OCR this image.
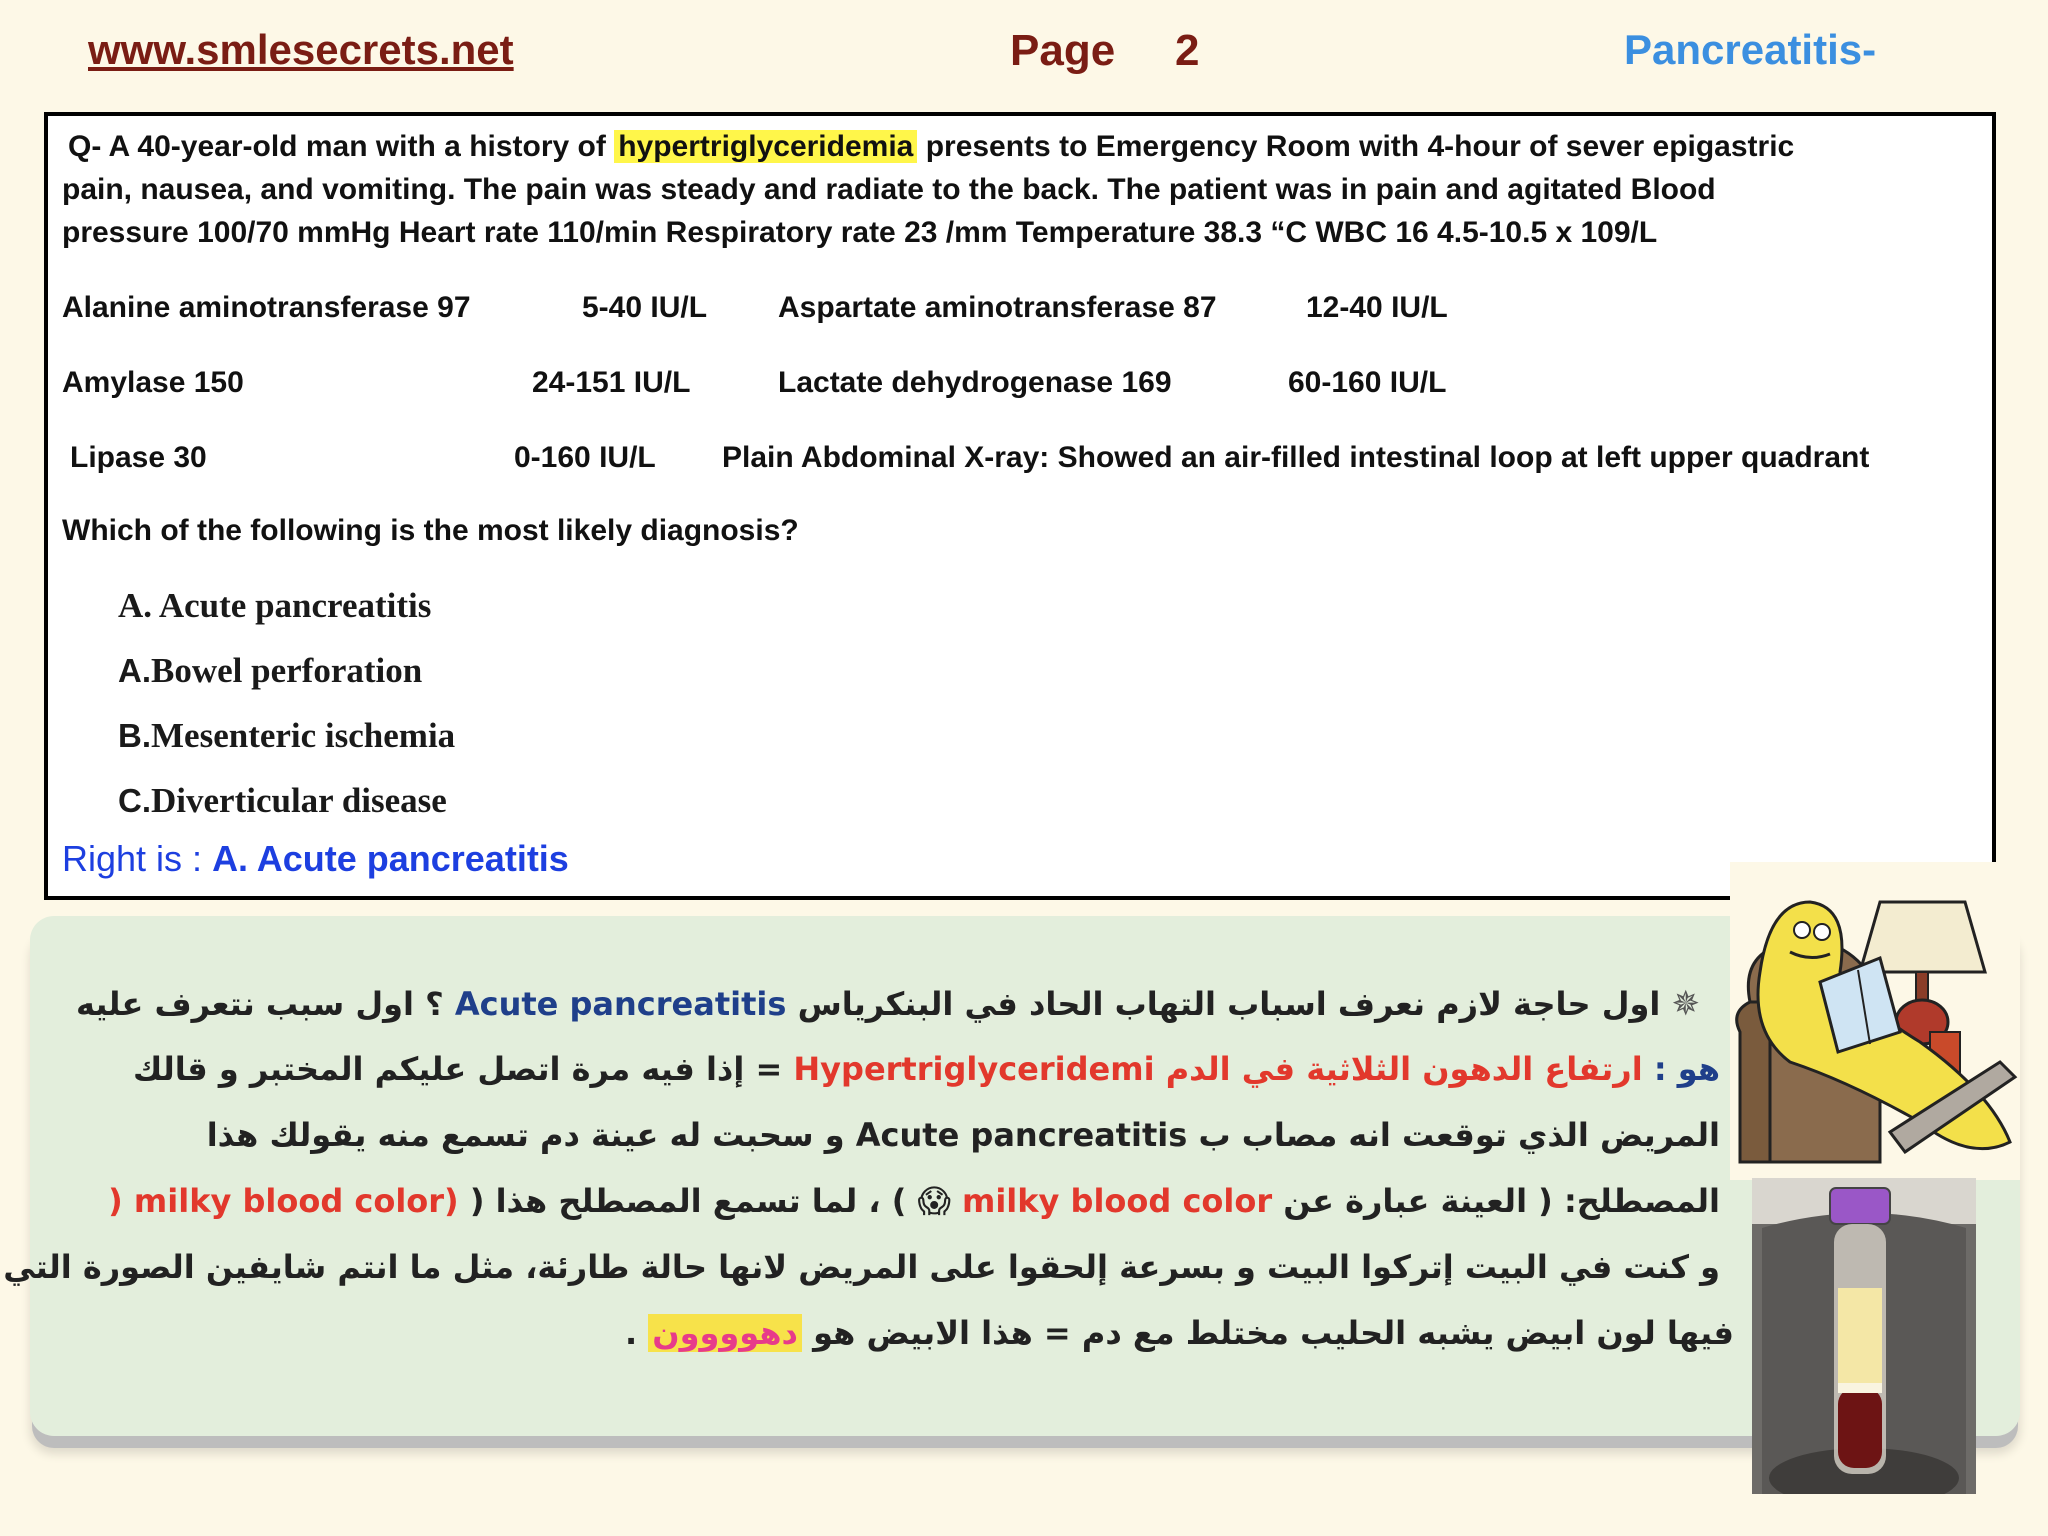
www.smlesecrets.net	Page 2	Pancreatitis-
Q- A 40-year-old man with a history of hypertriglyceridemia presents to Emergency Room with 4-hour of sever epigastric
pain, nausea, and vomiting. The pain was steady and radiate to the back. The patient was in pain and agitated Blood
pressure 100/70 mmHg Heart rate 110/min Respiratory rate 23 /mm Temperature 38.3 “C WBC 16 4.5-10.5 x 109/L
Alanine aminotransferase 97	5-40 IU/L Aspartate aminotransferase 87	12-40 IU/L
Amylase 150	24-151 IU/L	Lactate dehydrogenase 169	60-160 IU/L
Lipase 30	0-160 IU/L Plain Abdominal X-ray: Showed an air-filled intestinal loop at left upper quadrant
Which of the following is the most likely diagnosis?
A. Acute pancreatitis
A.Bowel perforation
B.Mesenteric ischemia
C.Diverticular disease
Right is : A. Acute pancreatitis
✵ اول حاجة لازم نعرف اسباب التهاب الحاد في البنكرياس Acute pancreatitis ؟ اول سبب نتعرف عليه
هو : ارتفاع الدهون الثلاثية في الدم Hypertriglyceridemi = إذا فيه مرة اتصل عليكم المختبر و قالك
المريض الذي توقعت انه مصاب ب Acute pancreatitis و سحبت له عينة دم تسمع منه يقولك هذا
المصطلح: ( العينة عبارة عن milky blood color 😱 ) ، لما تسمع المصطلح هذا ( milky blood color) (
و كنت في البيت إتركوا البيت و بسرعة إلحقوا على المريض لانها حالة طارئة، مثل ما انتم شايفين الصورة التي
فيها لون ابيض يشبه الحليب مختلط مع دم = هذا الابيض هو دهوووون .
